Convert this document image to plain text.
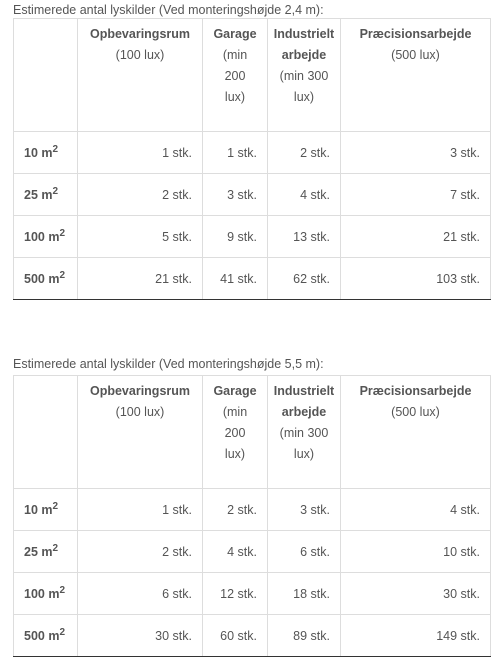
Estimerede antal lyskilder (Ved monteringshøjde 2,4 m):
	Opbevaringsrum
(100 lux)	Garage
(min
200
lux)	Industrielt arbejde
(min 300
lux)	Præcisionsarbejde
(500 lux)

10 $m^2$	1 stk.	1 stk.	2 stk.	3 stk.
25 $m^2$	2 stk.	3 stk.	4 stk.	7 stk.
100 $m^2$	5 stk.	9 stk.	13 stk.	21 stk.
500 $m^2$	21 stk.	41 stk.	62 stk.	103 stk.
Estimerede antal lyskilder (Ved monteringshøjde 5,5 m):
	Opbevaringsrum
(100 lux)	Garage
(min
200
lux)	Industrielt arbejde
(min 300
lux)	Præcisionsarbejde
(500 lux)

10 $m^2$	1 stk.	2 stk.	3 stk.	4 stk.
25 $m^2$	2 stk.	4 stk.	6 stk.	10 stk.
100 $m^2$	6 stk.	12 stk.	18 stk.	30 stk.
500 $m^2$	30 stk.	60 stk.	89 stk.	149 stk.
